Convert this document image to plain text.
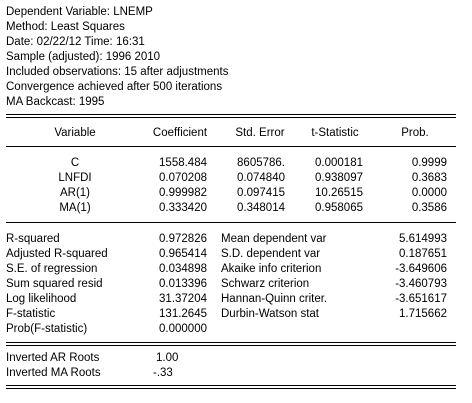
Dependent Variable: LNEMP
Method: Least Squares
Date: 02/22/12 Time: 16:31
Sample (adjusted): 1996 2010
Included observations: 15 after adjustments
Convergence achieved after 500 iterations
MA Backcast: 1995
Variable	Coefficient	Std. Error	t-Statistic	Prob.
C	1558.484	8605786.	0.000181	0.9999
LNFDI	0.070208	0.074840	0.938097	0.3683
AR(1)	0.999982	0.097415	10.26515	0.0000
MA(1)	0.333420	0.348014	0.958065	0.3586
R-squared	0.972826 Mean dependent var	5.614993
Adjusted R-squared	0.965414 S.D. dependent var	0.187651
S.E. of regression	0.034898 Akaike info criterion	-3.649606
Sum squared resid	0.013396 Schwarz criterion	-3.460793
Log likelihood	31.37204 Hannan-Quinn criter.	-3.651617
F-statistic	131.2645 Durbin-Watson stat	1.715662
Prob(F-statistic)	0.000000
Inverted AR Roots	1.00
Inverted MA Roots	-.33
